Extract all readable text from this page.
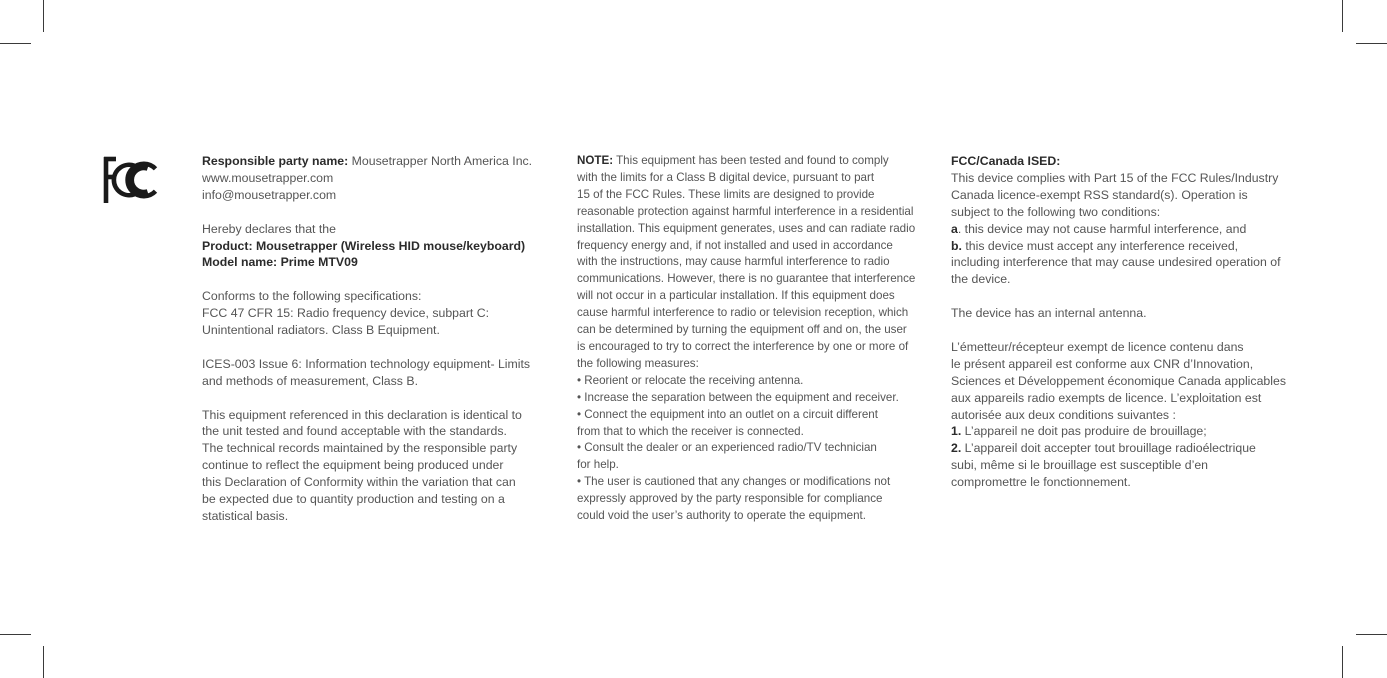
Responsible party name: Mousetrapper North America Inc.

www.mousetrapper.com

info@mousetrapper.com

Hereby declares that the

Product: Mousetrapper (Wireless HID mouse/keyboard)

Model name: Prime MTV09

Conforms to the following specifications:

FCC 47 CFR 15: Radio frequency device, subpart C:

Unintentional radiators. Class B Equipment.

ICES-003 Issue 6: Information technology equipment- Limits

and methods of measurement, Class B.

This equipment referenced in this declaration is identical to

the unit tested and found acceptable with the standards.

The technical records maintained by the responsible party

continue to reflect the equipment being produced under

this Declaration of Conformity within the variation that can

be expected due to quantity production and testing on a

statistical basis.

NOTE: This equipment has been tested and found to comply

with the limits for a Class B digital device, pursuant to part

15 of the FCC Rules. These limits are designed to provide

reasonable protection against harmful interference in a residential

installation. This equipment generates, uses and can radiate radio

frequency energy and, if not installed and used in accordance

with the instructions, may cause harmful interference to radio

communications. However, there is no guarantee that interference

will not occur in a particular installation. If this equipment does

cause harmful interference to radio or television reception, which

can be determined by turning the equipment off and on, the user

is encouraged to try to correct the interference by one or more of

the following measures:

• Reorient or relocate the receiving antenna.

• Increase the separation between the equipment and receiver.

• Connect the equipment into an outlet on a circuit different

from that to which the receiver is connected.

• Consult the dealer or an experienced radio/TV technician

for help.

• The user is cautioned that any changes or modifications not

expressly approved by the party responsible for compliance

could void the user’s authority to operate the equipment.

FCC/Canada ISED:

This device complies with Part 15 of the FCC Rules/Industry

Canada licence-exempt RSS standard(s). Operation is

subject to the following two conditions:

a. this device may not cause harmful interference, and

b. this device must accept any interference received,

including interference that may cause undesired operation of

the device.

The device has an internal antenna.

L’émetteur/récepteur exempt de licence contenu dans

le présent appareil est conforme aux CNR d’Innovation,

Sciences et Développement économique Canada applicables

aux appareils radio exempts de licence. L’exploitation est

autorisée aux deux conditions suivantes :

1. L’appareil ne doit pas produire de brouillage;

2. L’appareil doit accepter tout brouillage radioélectrique

subi, même si le brouillage est susceptible d’en

compromettre le fonctionnement.
